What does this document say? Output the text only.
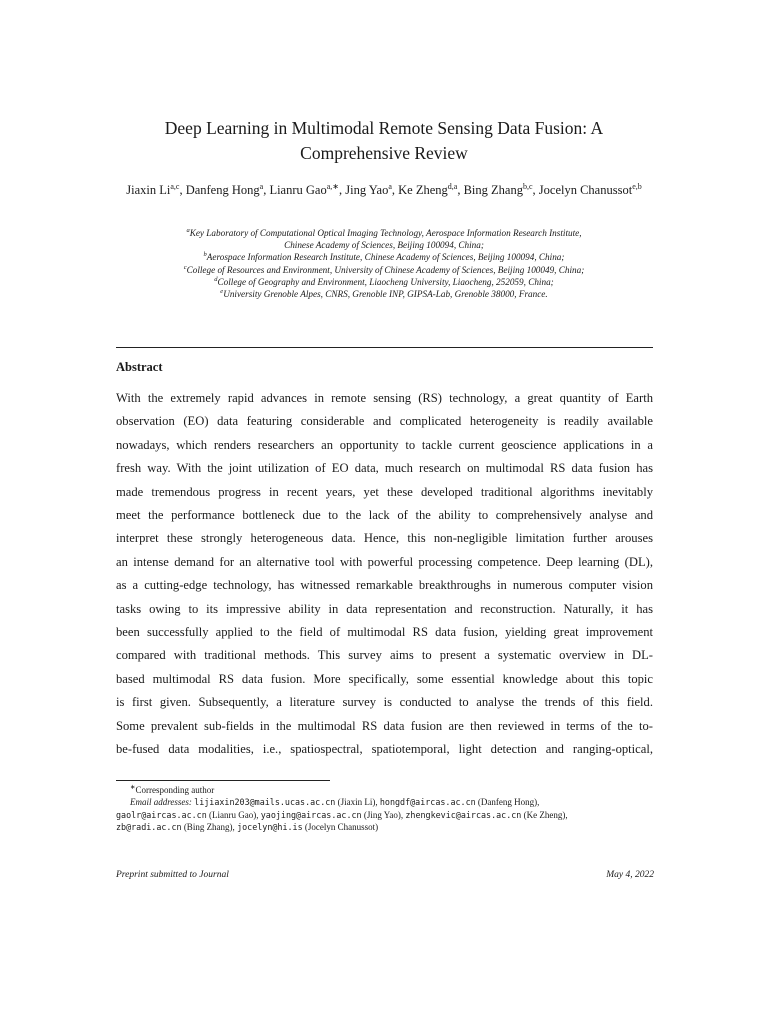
Deep Learning in Multimodal Remote Sensing Data Fusion: A
Comprehensive Review
Jiaxin Li$^{a,c}$, Danfeng Hong$^a$, Lianru Gao$^{a,∗}$, Jing Yao$^a$, Ke Zheng$^{d,a}$, Bing Zhang$^{b,c}$, Jocelyn Chanussot$^{e,b}$
$^a$Key Laboratory of Computational Optical Imaging Technology, Aerospace Information Research Institute,
Chinese Academy of Sciences, Beijing 100094, China;
$^b$Aerospace Information Research Institute, Chinese Academy of Sciences, Beijing 100094, China;
$^c$College of Resources and Environment, University of Chinese Academy of Sciences, Beijing 100049, China;
$^d$College of Geography and Environment, Liaocheng University, Liaocheng, 252059, China;
$^e$University Grenoble Alpes, CNRS, Grenoble INP, GIPSA-Lab, Grenoble 38000, France.
Abstract
With the extremely rapid advances in remote sensing (RS) technology, a great quantity of Earth
observation (EO) data featuring considerable and complicated heterogeneity is readily available
nowadays, which renders researchers an opportunity to tackle current geoscience applications in a
fresh way. With the joint utilization of EO data, much research on multimodal RS data fusion has
made tremendous progress in recent years, yet these developed traditional algorithms inevitably
meet the performance bottleneck due to the lack of the ability to comprehensively analyse and
interpret these strongly heterogeneous data. Hence, this non-negligible limitation further arouses
an intense demand for an alternative tool with powerful processing competence. Deep learning (DL),
as a cutting-edge technology, has witnessed remarkable breakthroughs in numerous computer vision
tasks owing to its impressive ability in data representation and reconstruction. Naturally, it has
been successfully applied to the field of multimodal RS data fusion, yielding great improvement
compared with traditional methods. This survey aims to present a systematic overview in DL-
based multimodal RS data fusion. More specifically, some essential knowledge about this topic
is first given. Subsequently, a literature survey is conducted to analyse the trends of this field.
Some prevalent sub-fields in the multimodal RS data fusion are then reviewed in terms of the to-
be-fused data modalities, i.e., spatiospectral, spatiotemporal, light detection and ranging-optical,
∗Corresponding author
Email addresses: lijiaxin203@mails.ucas.ac.cn (Jiaxin Li), hongdf@aircas.ac.cn (Danfeng Hong),
gaolr@aircas.ac.cn (Lianru Gao), yaojing@aircas.ac.cn (Jing Yao), zhengkevic@aircas.ac.cn (Ke Zheng),
zb@radi.ac.cn (Bing Zhang), jocelyn@hi.is (Jocelyn Chanussot)
Preprint submitted to Journal	May 4, 2022
